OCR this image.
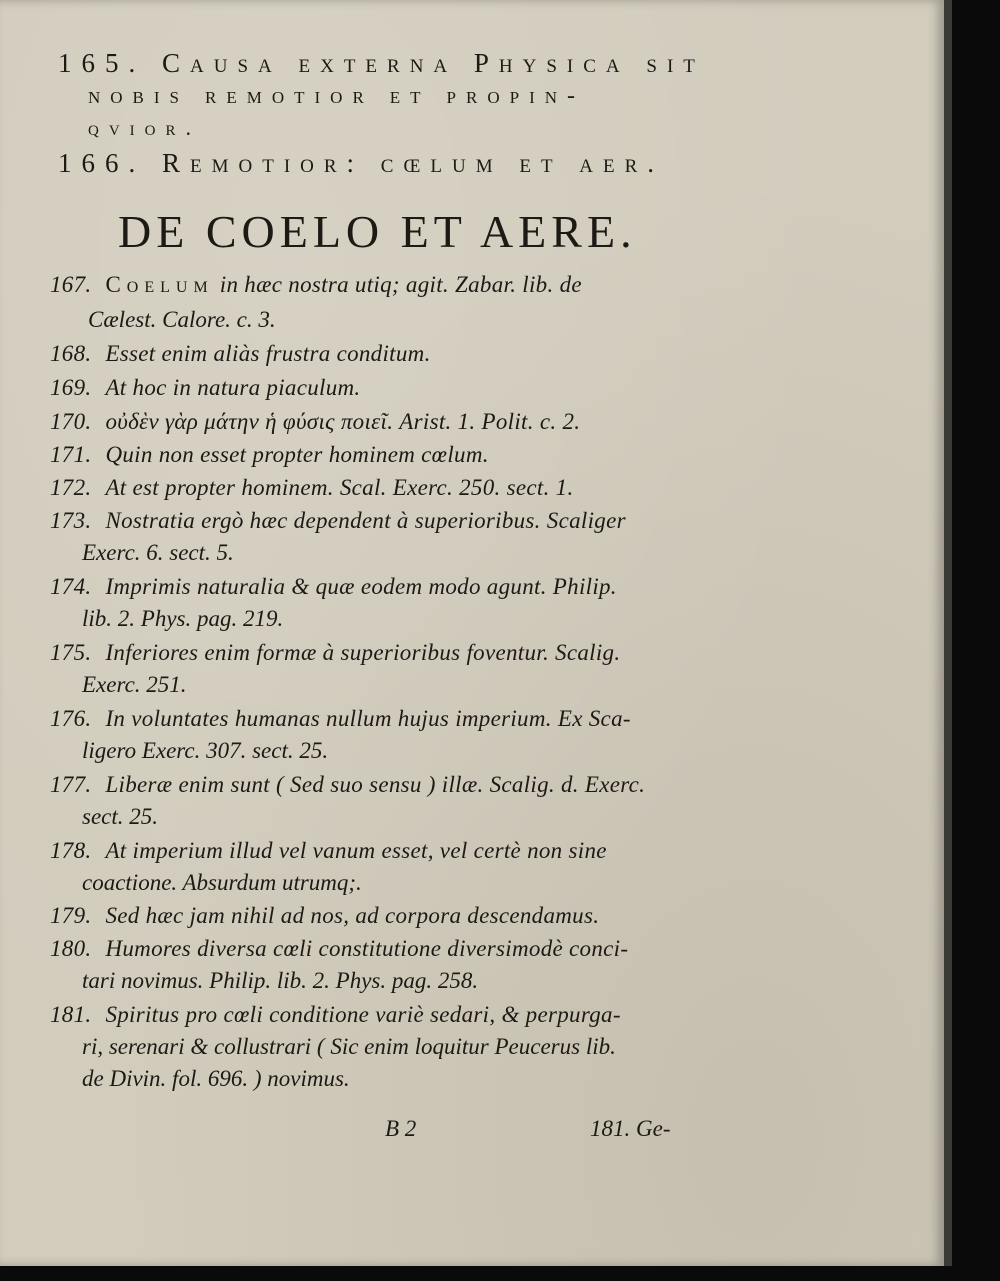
165. Causa externa Physica sit
nobis remotior et propin-
qvior.
166. Remotior: cœlum et aer.
DE COELO ET AERE.
167. Coelum in hæc nostra utiq; agit. Zabar. lib. de
Cælest. Calore. c. 3.
168. Esset enim aliàs frustra conditum.
169. At hoc in natura piaculum.
170. οὐδὲν γὰρ μάτην ἡ φύσις ποιεῖ. Arist. 1. Polit. c. 2.
171. Quin non esset propter hominem cœlum.
172. At est propter hominem. Scal. Exerc. 250. sect. 1.
173. Nostratia ergò hæc dependent à superioribus. Scaliger
Exerc. 6. sect. 5.
174. Imprimis naturalia & quæ eodem modo agunt. Philip.
lib. 2. Phys. pag. 219.
175. Inferiores enim formæ à superioribus foventur. Scalig.
Exerc. 251.
176. In voluntates humanas nullum hujus imperium. Ex Sca-
ligero Exerc. 307. sect. 25.
177. Liberæ enim sunt ( Sed suo sensu ) illæ. Scalig. d. Exerc.
sect. 25.
178. At imperium illud vel vanum esset, vel certè non sine
coactione. Absurdum utrumq;.
179. Sed hæc jam nihil ad nos, ad corpora descendamus.
180. Humores diversa cœli constitutione diversimodè conci-
tari novimus. Philip. lib. 2. Phys. pag. 258.
181. Spiritus pro cœli conditione variè sedari, & perpurga-
ri, serenari & collustrari ( Sic enim loquitur Peucerus lib.
de Divin. fol. 696. ) novimus.
B 2	181. Ge-
